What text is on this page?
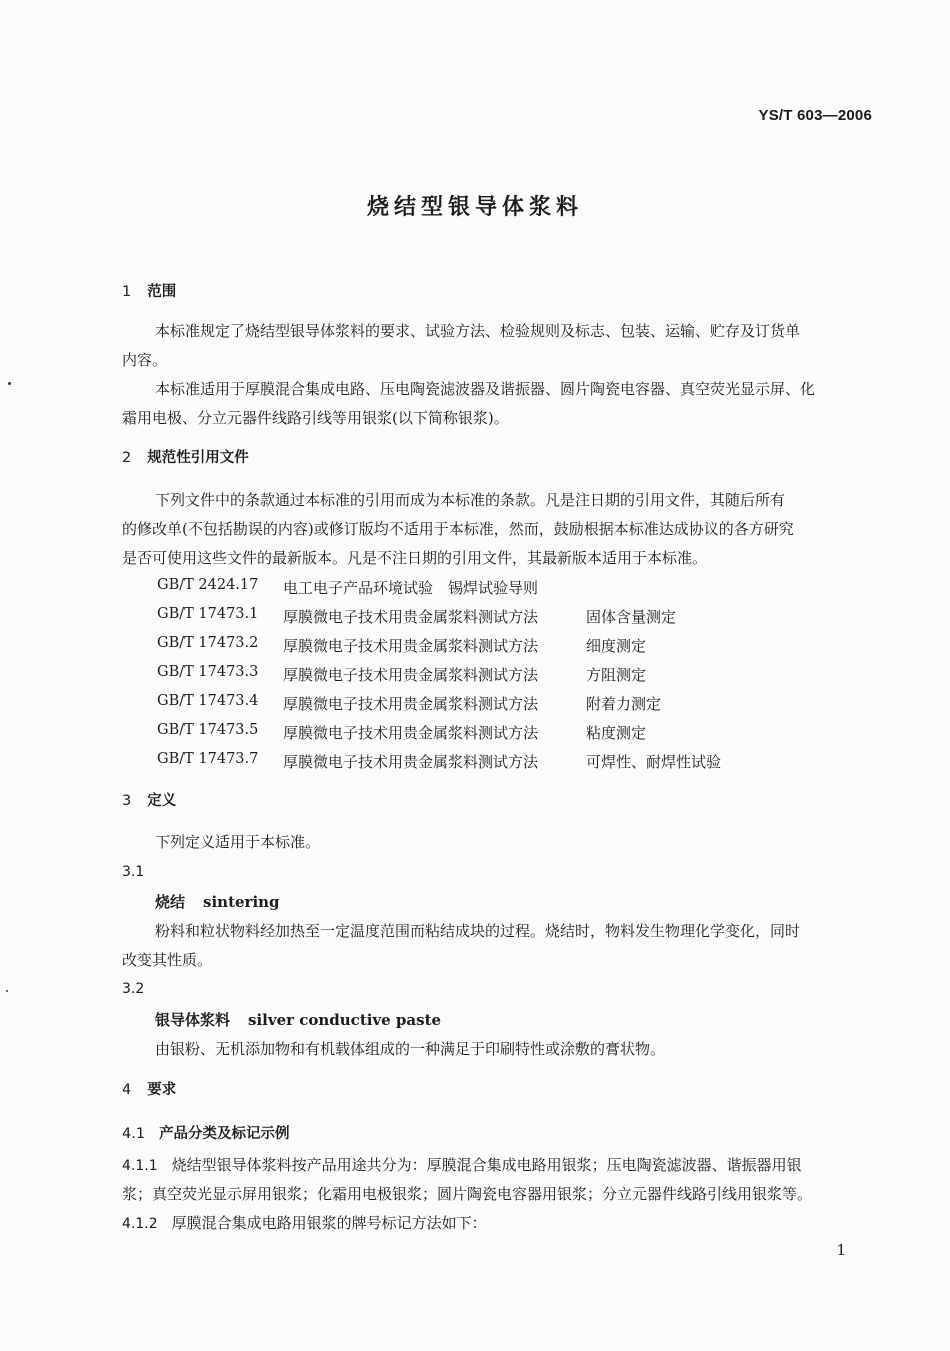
YS/T 603—2006
烧结型银导体浆料
1 范围
本标准规定了烧结型银导体浆料的要求、试验方法、检验规则及标志、包装、运输、贮存及订货单
内容。
本标准适用于厚膜混合集成电路、压电陶瓷滤波器及谐振器、圆片陶瓷电容器、真空荧光显示屏、化
霜用电极、分立元器件线路引线等用银浆(以下简称银浆)。
2 规范性引用文件
下列文件中的条款通过本标准的引用而成为本标准的条款。凡是注日期的引用文件，其随后所有
的修改单(不包括勘误的内容)或修订版均不适用于本标准，然而，鼓励根据本标准达成协议的各方研究
是否可使用这些文件的最新版本。凡是不注日期的引用文件，其最新版本适用于本标准。
GB/T 2424.17 电工电子产品环境试验　锡焊试验导则
GB/T 17473.1 厚膜微电子技术用贵金属浆料测试方法	固体含量测定
GB/T 17473.2 厚膜微电子技术用贵金属浆料测试方法	细度测定
GB/T 17473.3 厚膜微电子技术用贵金属浆料测试方法	方阻测定
GB/T 17473.4 厚膜微电子技术用贵金属浆料测试方法	附着力测定
GB/T 17473.5 厚膜微电子技术用贵金属浆料测试方法	粘度测定
GB/T 17473.7 厚膜微电子技术用贵金属浆料测试方法	可焊性、耐焊性试验
3 定义
下列定义适用于本标准。
3.1
烧结 sintering
粉料和粒状物料经加热至一定温度范围而粘结成块的过程。烧结时，物料发生物理化学变化，同时
改变其性质。
3.2
银导体浆料 silver conductive paste
由银粉、无机添加物和有机载体组成的一种满足于印刷特性或涂敷的膏状物。
4 要求
4.1 产品分类及标记示例
4.1.1 烧结型银导体浆料按产品用途共分为：厚膜混合集成电路用银浆；压电陶瓷滤波器、谐振器用银
浆；真空荧光显示屏用银浆；化霜用电极银浆；圆片陶瓷电容器用银浆；分立元器件线路引线用银浆等。
4.1.2 厚膜混合集成电路用银浆的牌号标记方法如下：
1
